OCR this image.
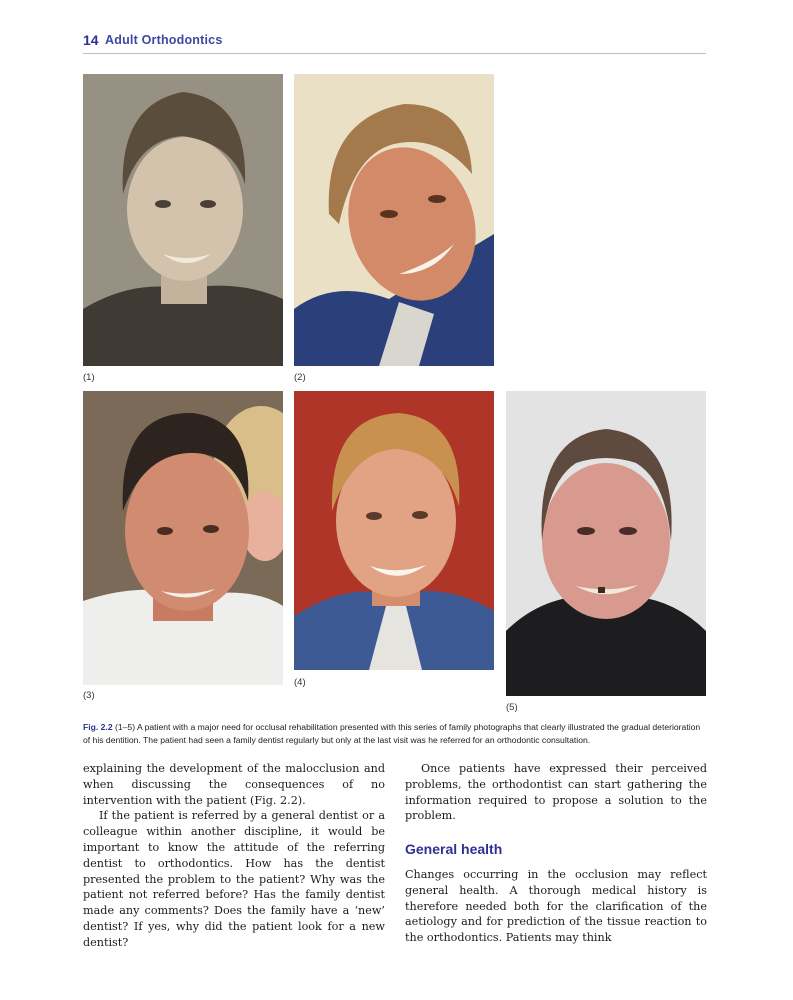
14 Adult Orthodontics
(1)	(2)
(3)
(4)
(5)
Fig. 2.2 (1–5) A patient with a major need for occlusal rehabilitation presented with this series of family photographs that clearly illustrated the gradual deterioration of his dentition. The patient had seen a family dentist regularly but only at the last visit was he referred for an orthodontic consultation.

explaining the development of the malocclusion and when discussing the consequences of no intervention with the patient (Fig. 2.2).

If the patient is referred by a general dentist or a colleague within another discipline, it would be important to know the attitude of the referring dentist to orthodontics. How has the dentist presented the problem to the patient? Why was the patient not referred before? Has the family dentist made any comments? Does the family have a ‘new’ dentist? If yes, why did the patient look for a new dentist?

Once patients have expressed their perceived problems, the orthodontist can start gathering the information required to propose a solution to the problem.

General health

Changes occurring in the occlusion may reflect general health. A thorough medical history is therefore needed both for the clarification of the aetiology and for prediction of the tissue reaction to the orthodontics. Patients may think
